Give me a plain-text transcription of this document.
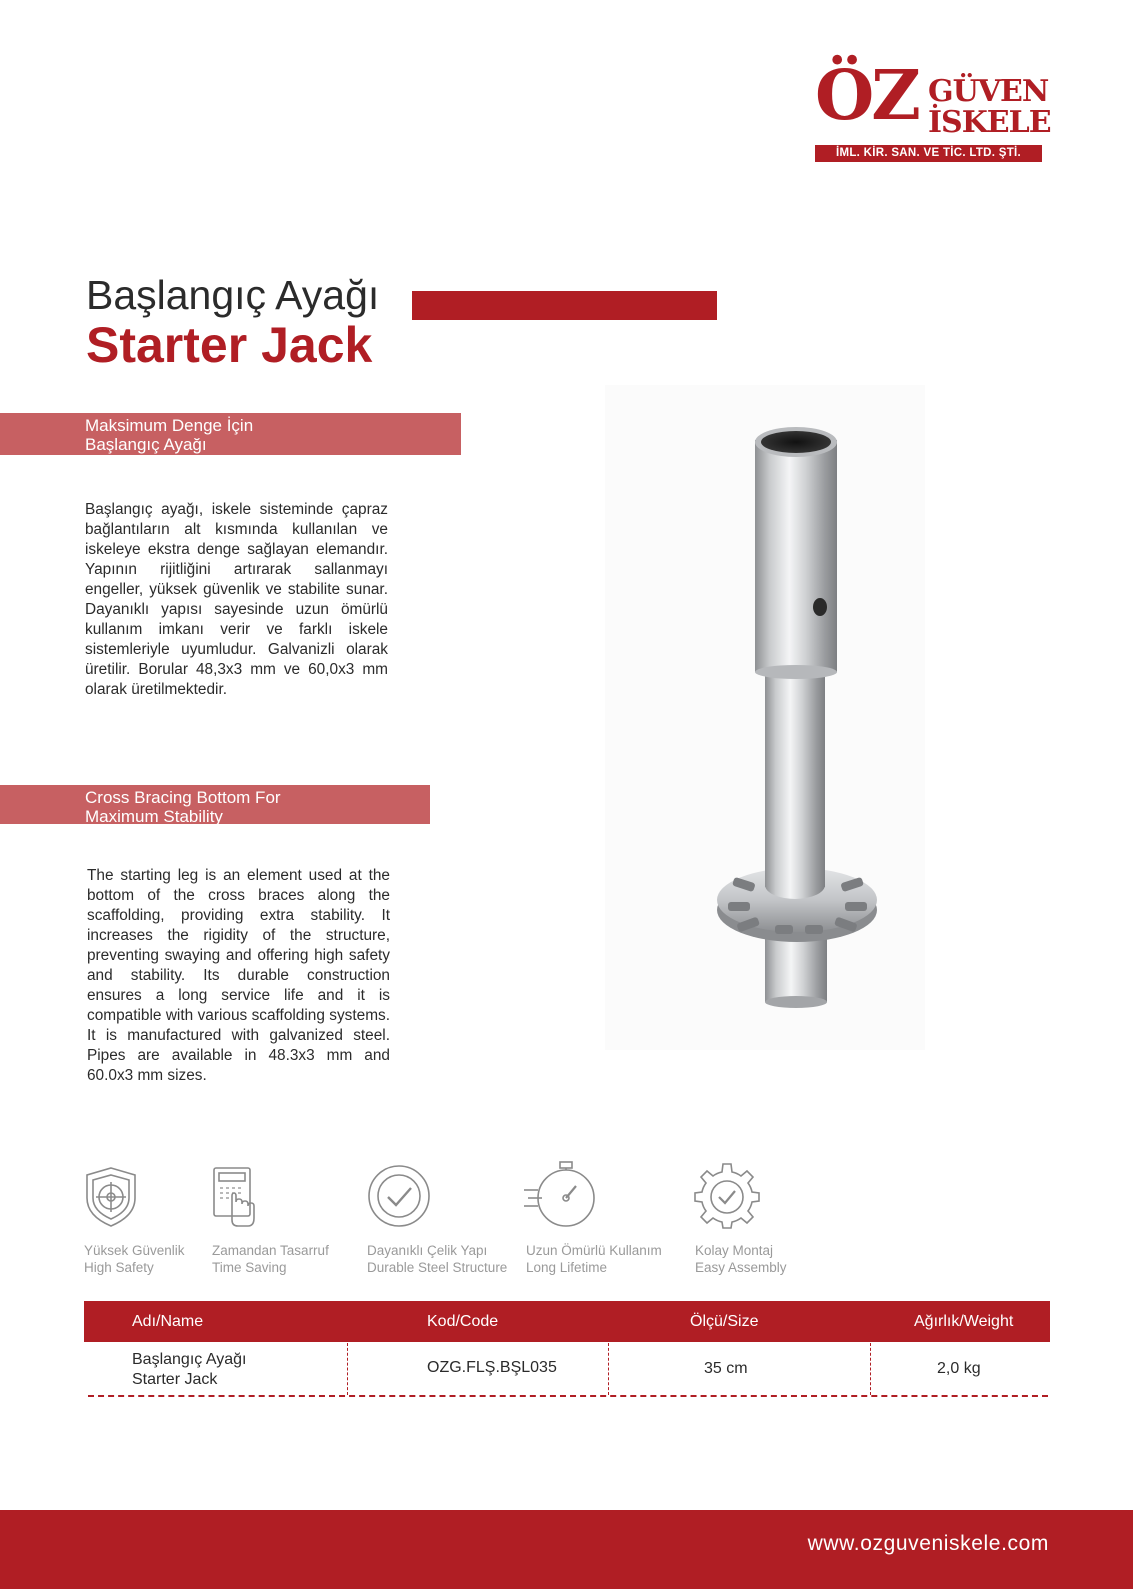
ÖZ GÜVEN
İSKELE
İML. KİR. SAN. VE TİC. LTD. ŞTİ.
Başlangıç Ayağı
Starter Jack
Maksimum Denge İçin
Başlangıç Ayağı
Başlangıç ayağı, iskele sisteminde çapraz bağlantıların alt kısmında kullanılan ve iskeleye ekstra denge sağlayan elemandır. Yapının rijitliğini artırarak sallanmayı engeller, yüksek güvenlik ve stabilite sunar. Dayanıklı yapısı sayesinde uzun ömürlü kullanım imkanı verir ve farklı iskele sistemleriyle uyumludur. Galvanizli olarak üretilir. Borular 48,3x3 mm ve 60,0x3 mm olarak üretilmektedir.
Cross Bracing Bottom For
Maximum Stability
The starting leg is an element used at the bottom of the cross braces along the scaffolding, providing extra stability. It increases the rigidity of the structure, preventing swaying and offering high safety and stability. Its durable construction ensures a long service life and it is compatible with various scaffolding systems. It is manufactured with galvanized steel. Pipes are available in 48.3x3 mm and 60.0x3 mm sizes.
Yüksek Güvenlik
High Safety
Zamandan Tasarruf
Time Saving
Dayanıklı Çelik Yapı
Durable Steel Structure
Uzun Ömürlü Kullanım
Long Lifetime
Kolay Montaj
Easy Assembly
Adı/Name	Kod/Code	Ölçü/Size	Ağırlık/Weight
Başlangıç Ayağı
Starter Jack
OZG.FLŞ.BŞL035	35 cm	2,0 kg
www.ozguveniskele.com
